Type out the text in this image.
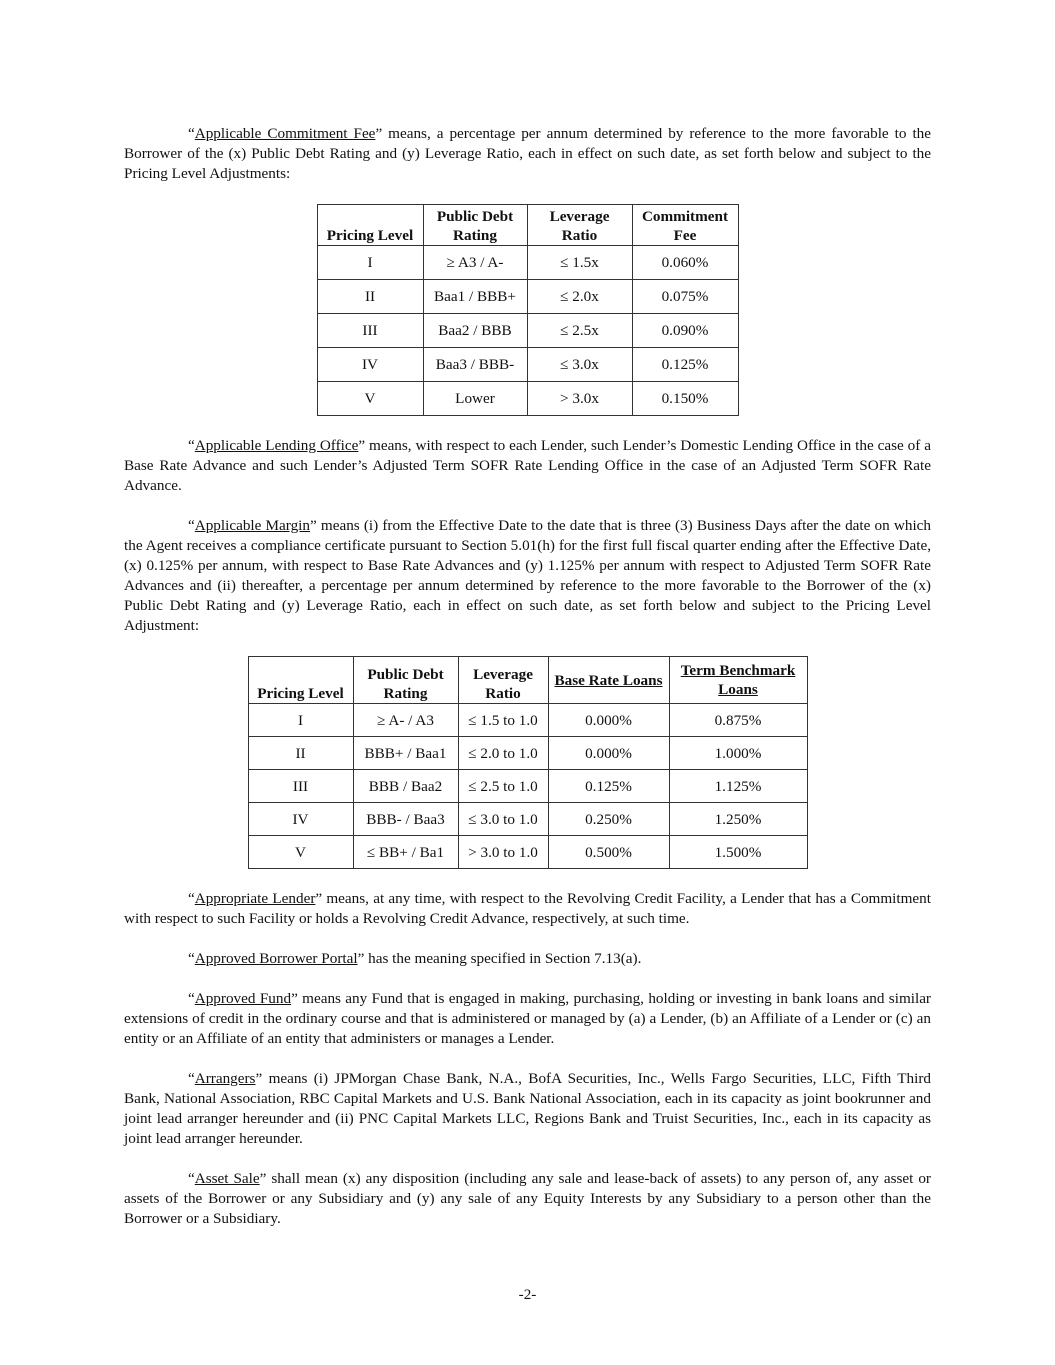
“Applicable Commitment Fee” means, a percentage per annum determined by reference to the more favorable to the Borrower of the (x) Public Debt Rating and (y) Leverage Ratio, each in effect on such date, as set forth below and subject to the Pricing Level Adjustments:

Pricing Level	Public Debt Rating	Leverage Ratio	Commitment Fee
I	≥ A3 / A-	≤ 1.5x	0.060%
II	Baa1 / BBB+	≤ 2.0x	0.075%
III	Baa2 / BBB	≤ 2.5x	0.090%
IV	Baa3 / BBB-	≤ 3.0x	0.125%
V	Lower	> 3.0x	0.150%

“Applicable Lending Office” means, with respect to each Lender, such Lender’s Domestic Lending Office in the case of a Base Rate Advance and such Lender’s Adjusted Term SOFR Rate Lending Office in the case of an Adjusted Term SOFR Rate Advance.

“Applicable Margin” means (i) from the Effective Date to the date that is three (3) Business Days after the date on which the Agent receives a compliance certificate pursuant to Section 5.01(h) for the first full fiscal quarter ending after the Effective Date, (x) 0.125% per annum, with respect to Base Rate Advances and (y) 1.125% per annum with respect to Adjusted Term SOFR Rate Advances and (ii) thereafter, a percentage per annum determined by reference to the more favorable to the Borrower of the (x) Public Debt Rating and (y) Leverage Ratio, each in effect on such date, as set forth below and subject to the Pricing Level Adjustment:

Pricing Level	Public Debt Rating	Leverage Ratio	Base Rate Loans	Term Benchmark Loans
I	≥ A- / A3	≤ 1.5 to 1.0	0.000%	0.875%
II	BBB+ / Baa1	≤ 2.0 to 1.0	0.000%	1.000%
III	BBB / Baa2	≤ 2.5 to 1.0	0.125%	1.125%
IV	BBB- / Baa3	≤ 3.0 to 1.0	0.250%	1.250%
V	≤ BB+ / Ba1	> 3.0 to 1.0	0.500%	1.500%

“Appropriate Lender” means, at any time, with respect to the Revolving Credit Facility, a Lender that has a Commitment with respect to such Facility or holds a Revolving Credit Advance, respectively, at such time.

“Approved Borrower Portal” has the meaning specified in Section 7.13(a).

“Approved Fund” means any Fund that is engaged in making, purchasing, holding or investing in bank loans and similar extensions of credit in the ordinary course and that is administered or managed by (a) a Lender, (b) an Affiliate of a Lender or (c) an entity or an Affiliate of an entity that administers or manages a Lender.

“Arrangers” means (i) JPMorgan Chase Bank, N.A., BofA Securities, Inc., Wells Fargo Securities, LLC, Fifth Third Bank, National Association, RBC Capital Markets and U.S. Bank National Association, each in its capacity as joint bookrunner and joint lead arranger hereunder and (ii) PNC Capital Markets LLC, Regions Bank and Truist Securities, Inc., each in its capacity as joint lead arranger hereunder.

“Asset Sale” shall mean (x) any disposition (including any sale and lease-back of assets) to any person of, any asset or assets of the Borrower or any Subsidiary and (y) any sale of any Equity Interests by any Subsidiary to a person other than the Borrower or a Subsidiary.

-2-
